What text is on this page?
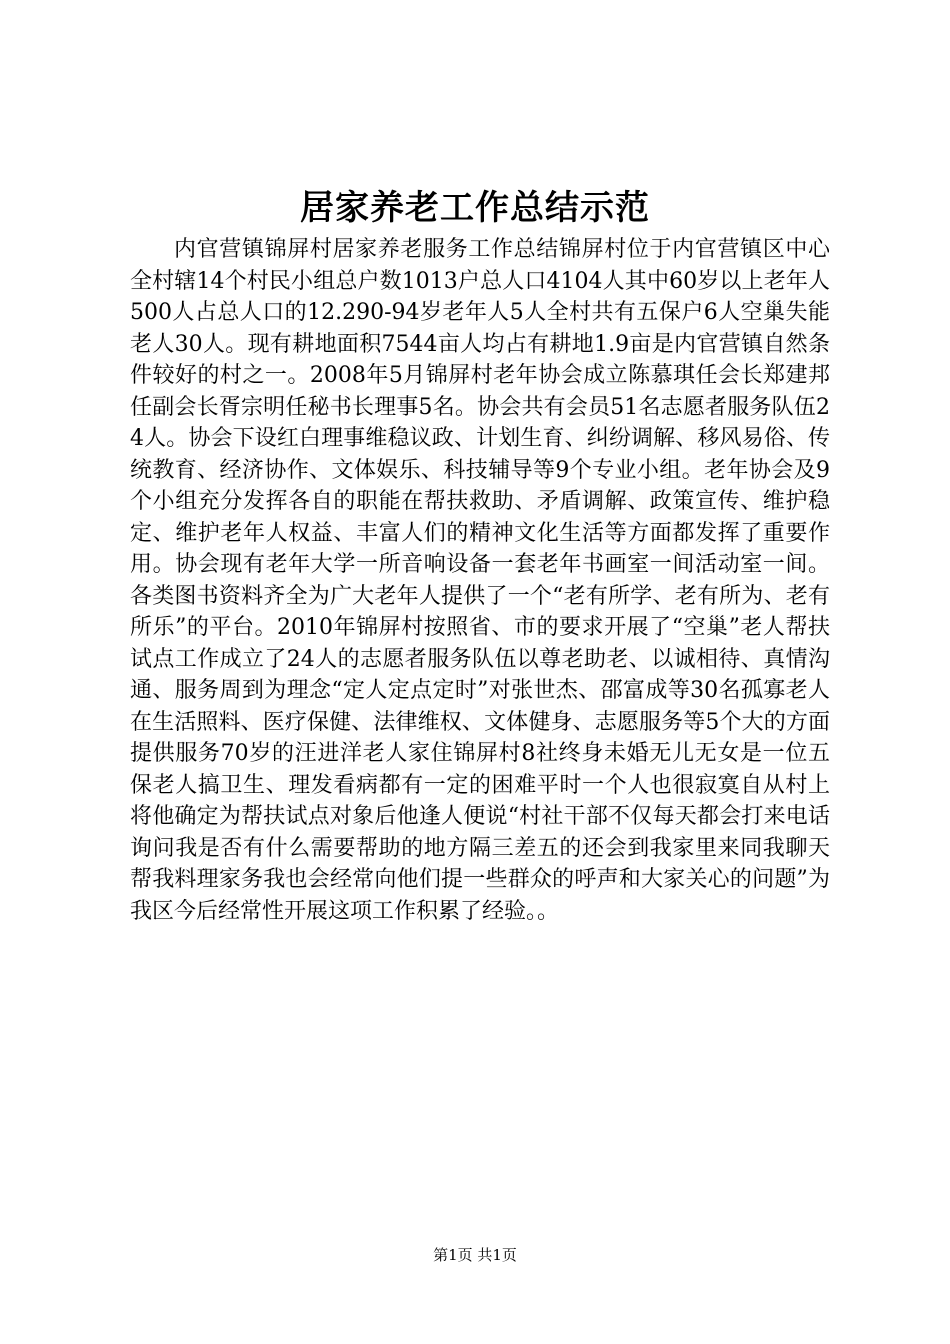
居家养老工作总结示范

内官营镇锦屏村居家养老服务工作总结锦屏村位于内官营镇区中心全村辖14个村民小组总户数1013户总人口4104人其中60岁以上老年人500人占总人口的12.290-94岁老年人5人全村共有五保户6人空巢失能老人30人。现有耕地面积7544亩人均占有耕地1.9亩是内官营镇自然条件较好的村之一。2008年5月锦屏村老年协会成立陈慕琪任会长郑建邦任副会长胥宗明任秘书长理事5名。协会共有会员51名志愿者服务队伍24人。协会下设红白理事维稳议政、计划生育、纠纷调解、移风易俗、传统教育、经济协作、文体娱乐、科技辅导等9个专业小组。老年协会及9个小组充分发挥各自的职能在帮扶救助、矛盾调解、政策宣传、维护稳定、维护老年人权益、丰富人们的精神文化生活等方面都发挥了重要作用。协会现有老年大学一所音响设备一套老年书画室一间活动室一间。各类图书资料齐全为广大老年人提供了一个“老有所学、老有所为、老有所乐”的平台。2010年锦屏村按照省、市的要求开展了“空巢”老人帮扶试点工作成立了24人的志愿者服务队伍以尊老助老、以诚相待、真情沟通、服务周到为理念“定人定点定时”对张世杰、邵富成等30名孤寡老人在生活照料、医疗保健、法律维权、文体健身、志愿服务等5个大的方面提供服务70岁的汪进洋老人家住锦屏村8社终身未婚无儿无女是一位五保老人搞卫生、理发看病都有一定的困难平时一个人也很寂寞自从村上将他确定为帮扶试点对象后他逢人便说“村社干部不仅每天都会打来电话询问我是否有什么需要帮助的地方隔三差五的还会到我家里来同我聊天帮我料理家务我也会经常向他们提一些群众的呼声和大家关心的问题”为我区今后经常性开展这项工作积累了经验。。

第1页 共1页
